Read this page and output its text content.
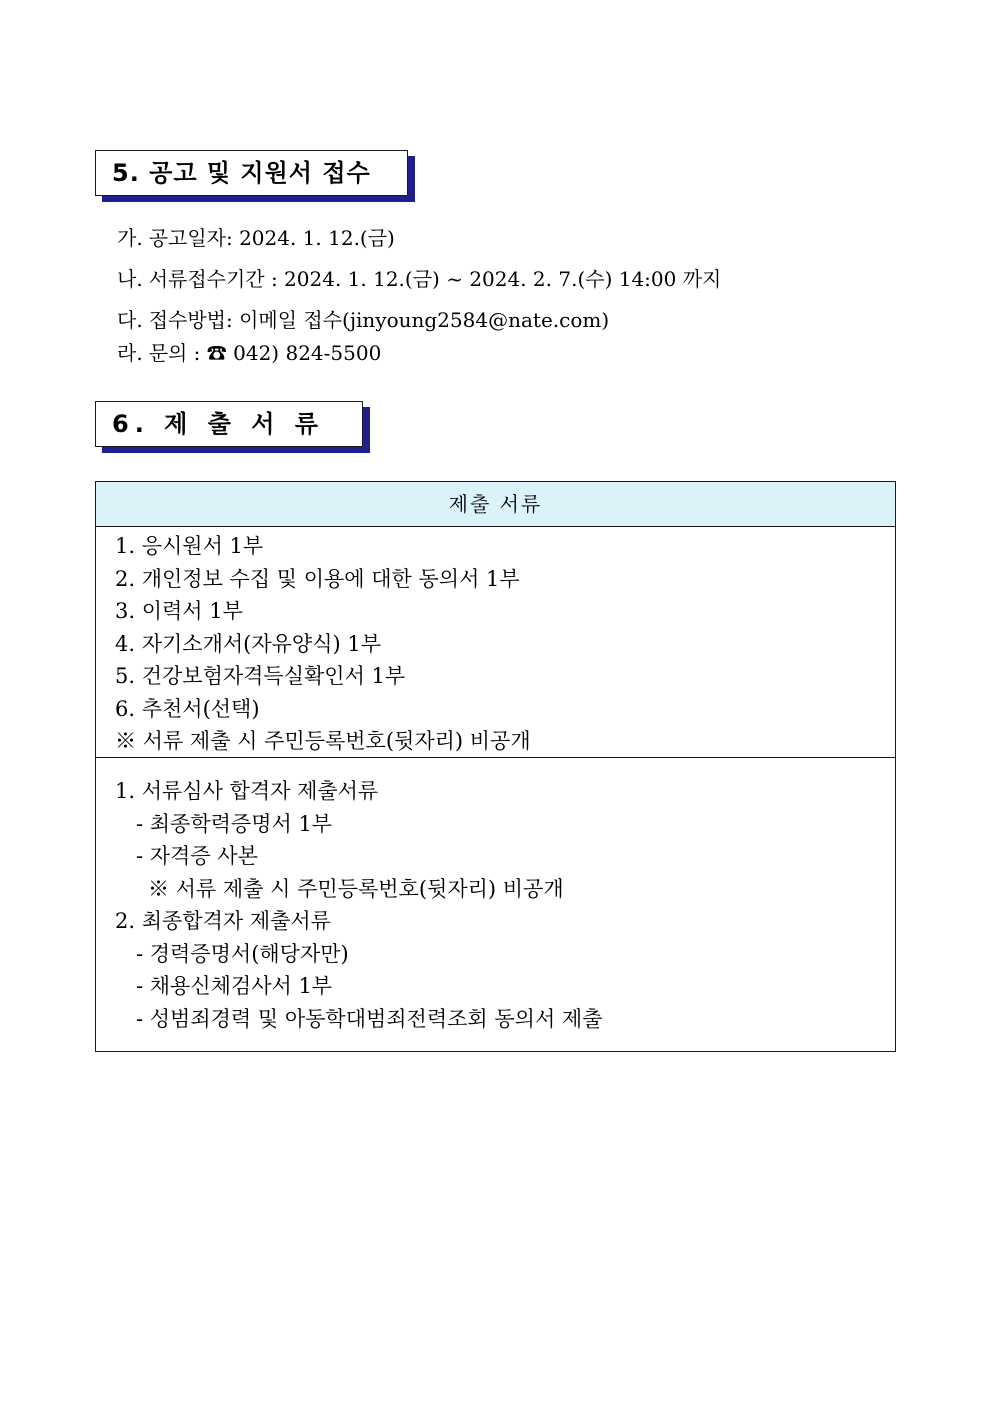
5. 공고 및 지원서 접수
가. 공고일자: 2024. 1. 12.(금)
나. 서류접수기간 : 2024. 1. 12.(금) ~ 2024. 2. 7.(수) 14:00 까지
다. 접수방법: 이메일 접수(jinyoung2584@nate.com)
라. 문의 : ☎ 042) 824-5500
6. 제 출 서 류
제출 서류
1. 응시원서 1부
2. 개인정보 수집 및 이용에 대한 동의서 1부
3. 이력서 1부
4. 자기소개서(자유양식) 1부
5. 건강보험자격득실확인서 1부
6. 추천서(선택)
※ 서류 제출 시 주민등록번호(뒷자리) 비공개
1. 서류심사 합격자 제출서류
- 최종학력증명서 1부
- 자격증 사본
※ 서류 제출 시 주민등록번호(뒷자리) 비공개
2. 최종합격자 제출서류
- 경력증명서(해당자만)
- 채용신체검사서 1부
- 성범죄경력 및 아동학대범죄전력조회 동의서 제출
